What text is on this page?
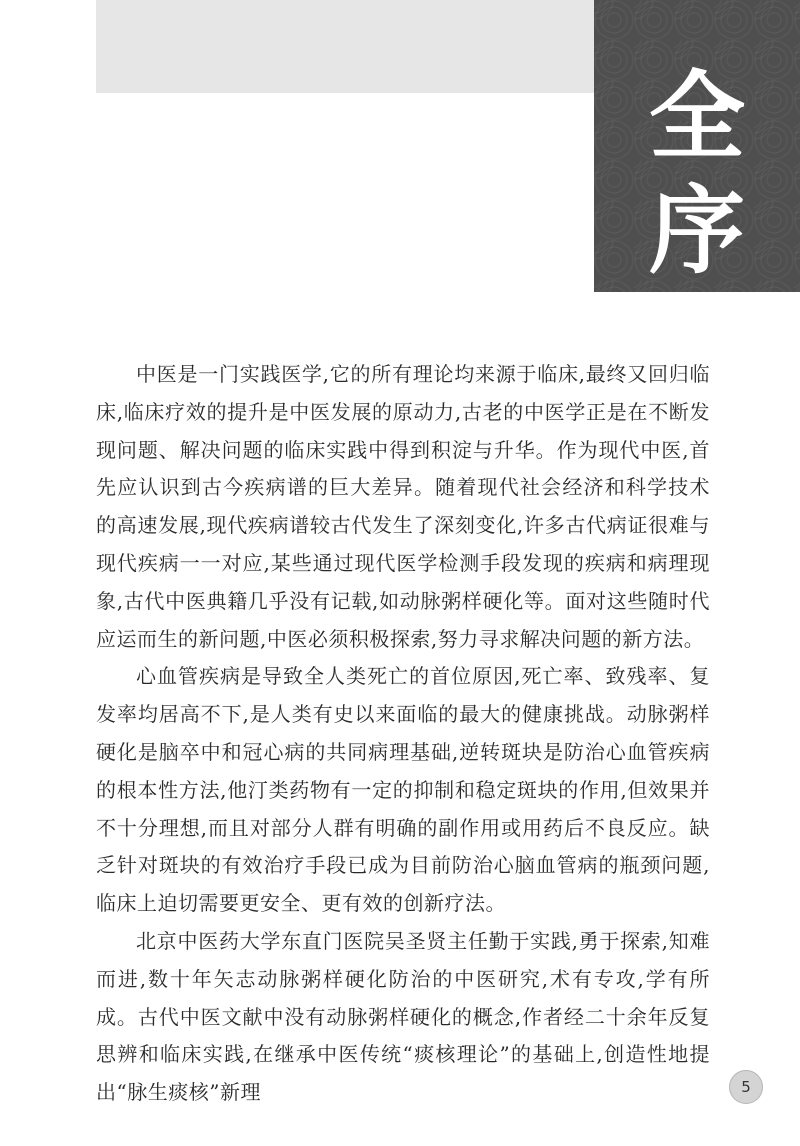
全
序

中医是一门实践医学,它的所有理论均来源于临床,最终又回归临床,临床疗效的提升是中医发展的原动力,古老的中医学正是在不断发现问题、解决问题的临床实践中得到积淀与升华。作为现代中医,首先应认识到古今疾病谱的巨大差异。随着现代社会经济和科学技术的高速发展,现代疾病谱较古代发生了深刻变化,许多古代病证很难与现代疾病一一对应,某些通过现代医学检测手段发现的疾病和病理现象,古代中医典籍几乎没有记载,如动脉粥样硬化等。面对这些随时代应运而生的新问题,中医必须积极探索,努力寻求解决问题的新方法。

心血管疾病是导致全人类死亡的首位原因,死亡率、致残率、复发率均居高不下,是人类有史以来面临的最大的健康挑战。动脉粥样硬化是脑卒中和冠心病的共同病理基础,逆转斑块是防治心血管疾病的根本性方法,他汀类药物有一定的抑制和稳定斑块的作用,但效果并不十分理想,而且对部分人群有明确的副作用或用药后不良反应。缺乏针对斑块的有效治疗手段已成为目前防治心脑血管病的瓶颈问题,临床上迫切需要更安全、更有效的创新疗法。

北京中医药大学东直门医院吴圣贤主任勤于实践,勇于探索,知难而进,数十年矢志动脉粥样硬化防治的中医研究,术有专攻,学有所成。古代中医文献中没有动脉粥样硬化的概念,作者经二十余年反复思辨和临床实践,在继承中医传统“痰核理论”的基础上,创造性地提出“脉生痰核”新理	5
